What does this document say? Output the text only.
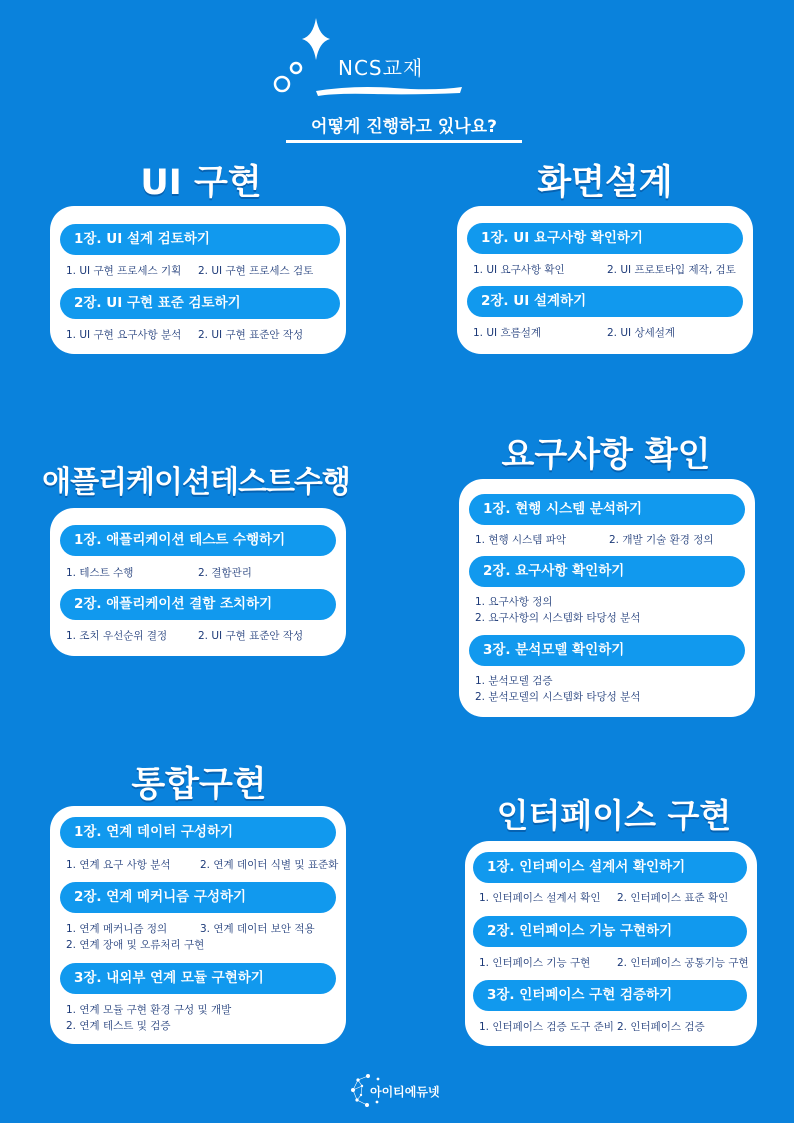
NCS교재
어떻게 진행하고 있나요?
UI 구현
1장. UI 설계 검토하기
1. UI 구현 프로세스 기획 2. UI 구현 프로세스 검토
2장. UI 구현 표준 검토하기
1. UI 구현 요구사항 분석 2. UI 구현 표준안 작성
화면설계
1장. UI 요구사항 확인하기
1. UI 요구사항 확인	2. UI 프로토타입 제작, 검토
2장. UI 설계하기
1. UI 흐름설계	2. UI 상세설계
애플리케이션테스트수행
1장. 애플리케이션 테스트 수행하기
1. 테스트 수행	2. 결함관리
2장. 애플리케이션 결함 조치하기
1. 조치 우선순위 결정	2. UI 구현 표준안 작성
요구사항 확인
1장. 현행 시스템 분석하기
1. 현행 시스템 파악	2. 개발 기술 환경 정의
2장. 요구사항 확인하기
1. 요구사항 정의
2. 요구사항의 시스템화 타당성 분석
3장. 분석모델 확인하기
1. 분석모델 검증
2. 분석모델의 시스템화 타당성 분석
통합구현
1장. 연계 데이터 구성하기
1. 연계 요구 사항 분석	2. 연계 데이터 식별 및 표준화
2장. 연계 메커니즘 구성하기
1. 연계 메커니즘 정의	3. 연계 데이터 보안 적용
2. 연계 장애 및 오류처리 구현
3장. 내외부 연계 모듈 구현하기
1. 연계 모듈 구현 환경 구성 및 개발
2. 연계 테스트 및 검증
인터페이스 구현
1장. 인터페이스 설계서 확인하기
1. 인터페이스 설계서 확인 2. 인터페이스 표준 확인
2장. 인터페이스 기능 구현하기
1. 인터페이스 기능 구현	2. 인터페이스 공통기능 구현
3장. 인터페이스 구현 검증하기
1. 인터페이스 검증 도구 준비 2. 인터페이스 검증
아이티에듀넷
